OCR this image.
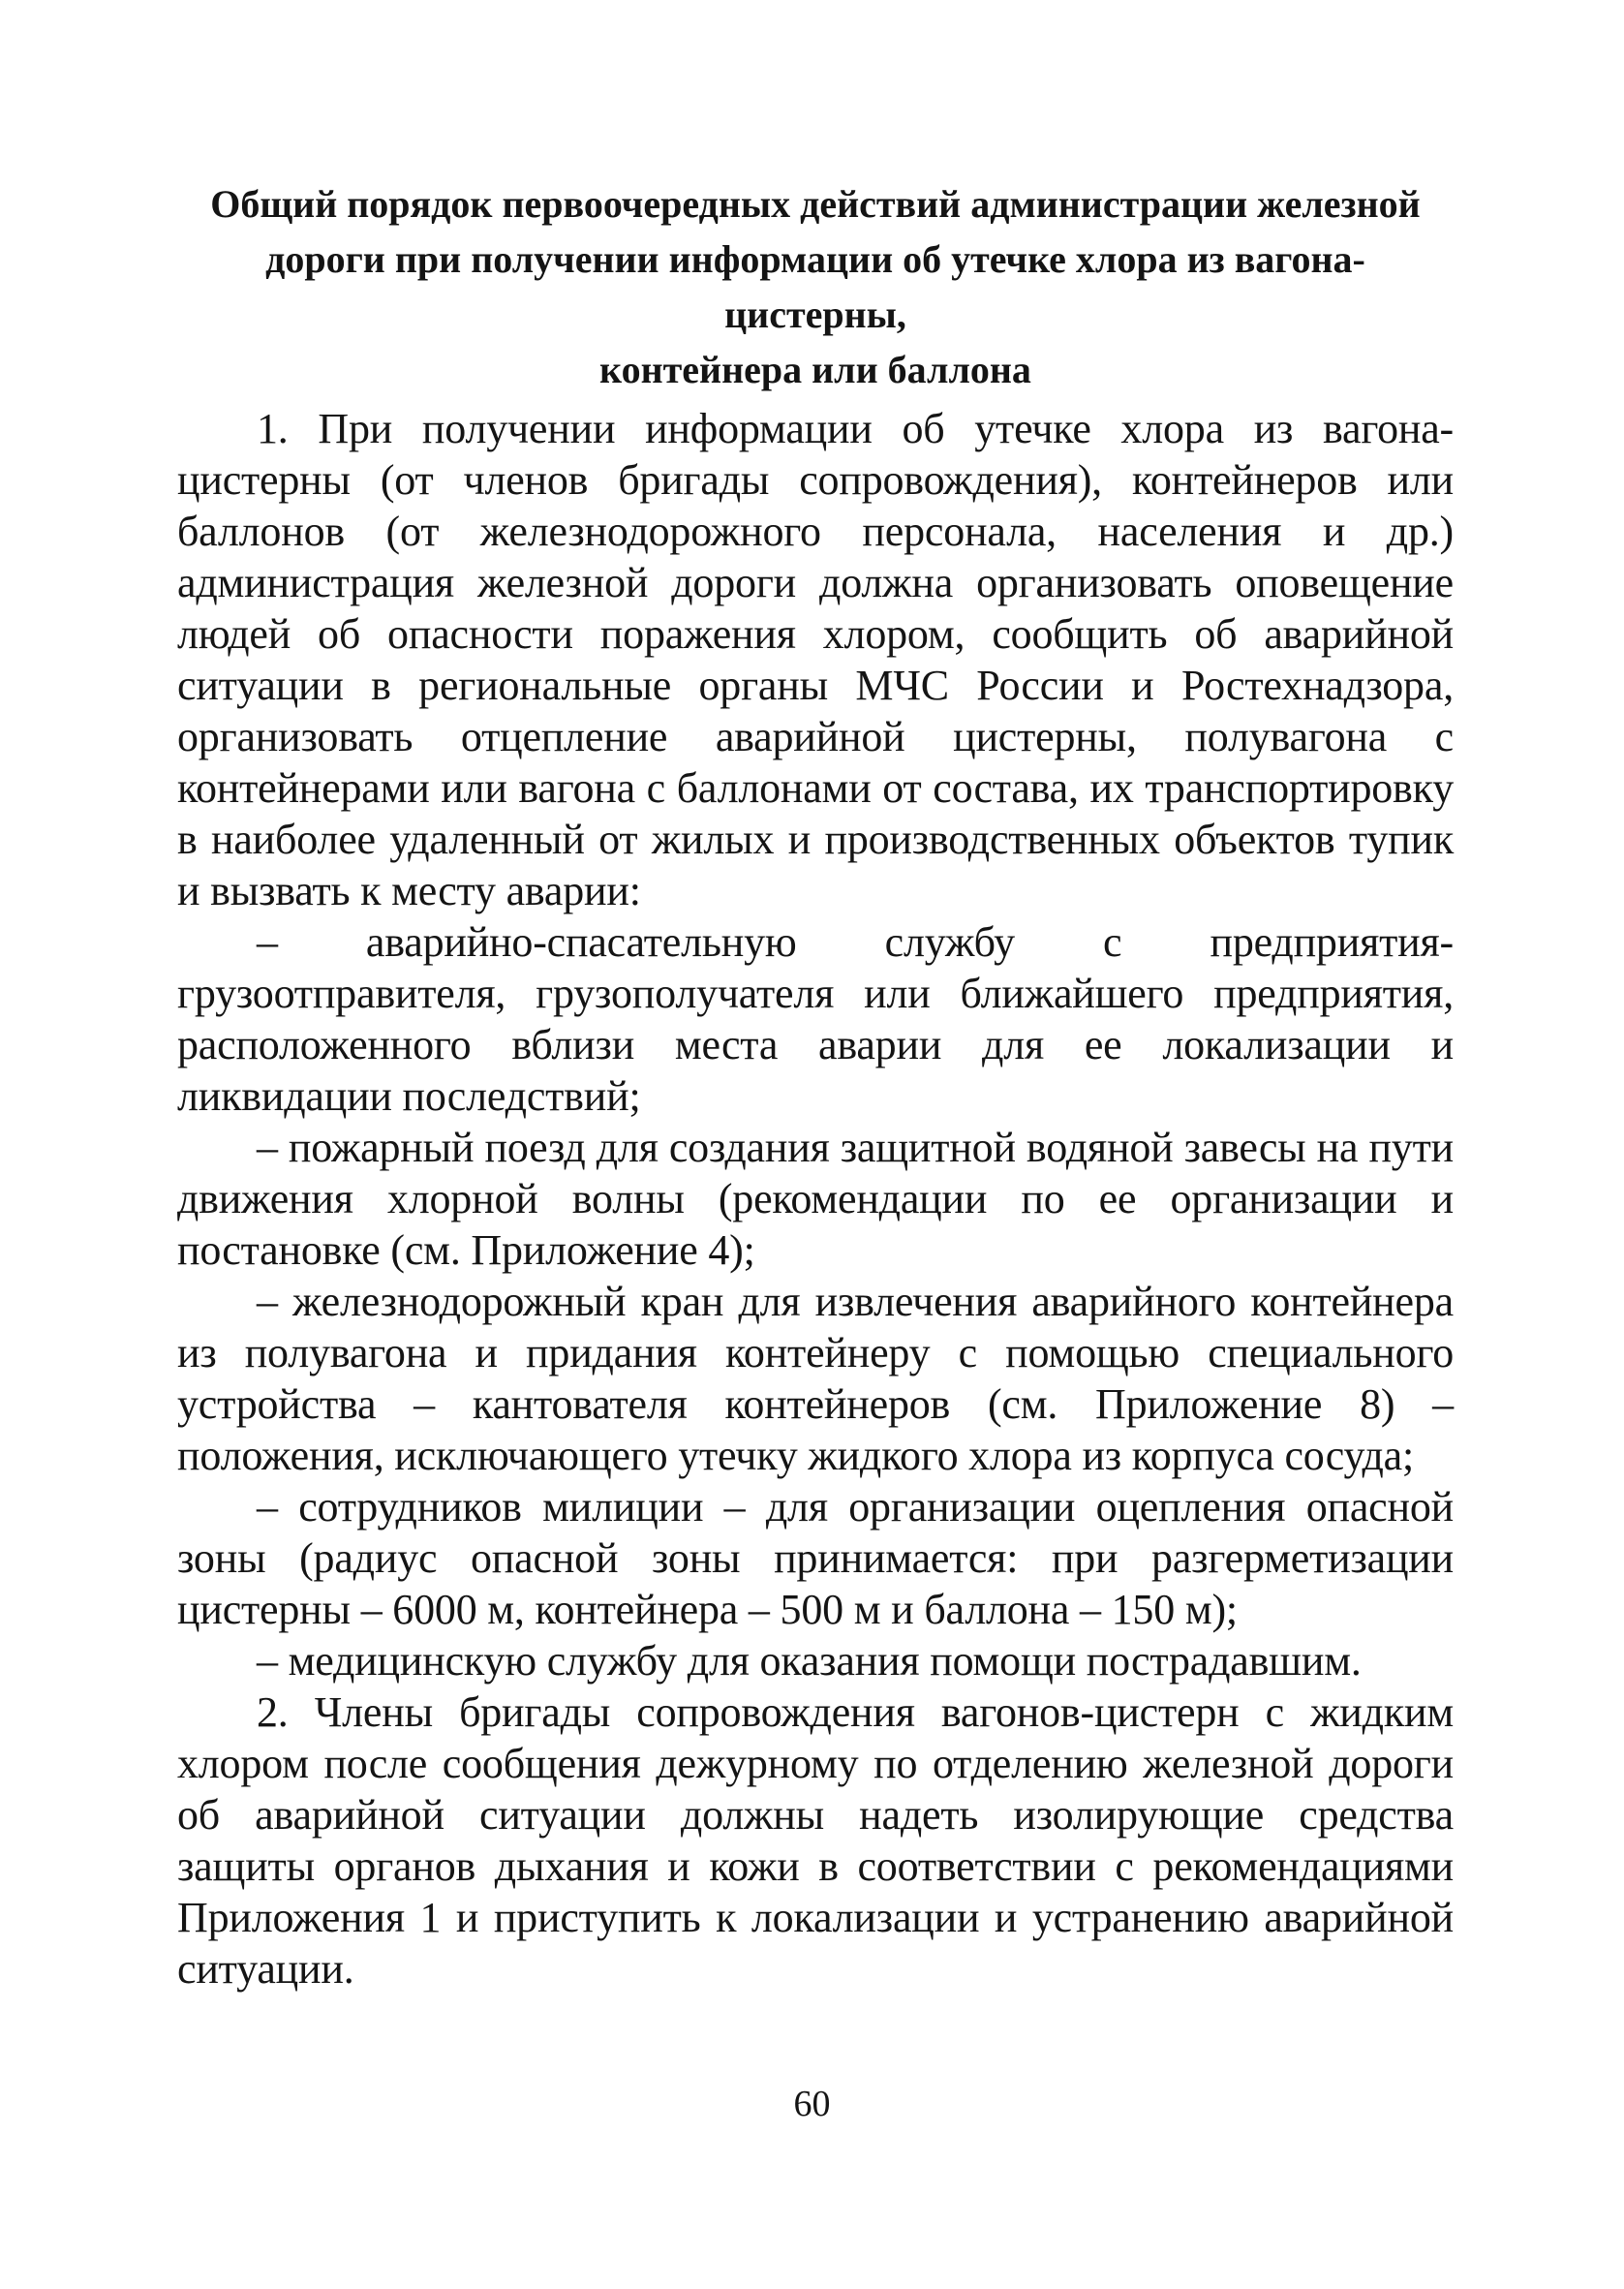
Общий порядок первоочередных действий администрации железной
дороги при получении информации об утечке хлора из вагона-цистерны,
контейнера или баллона

1. При получении информации об утечке хлора из вагона-цистерны (от членов бригады сопровождения), контейнеров или баллонов (от железнодорожного персонала, населения и др.) администрация железной дороги должна организовать оповещение людей об опасности поражения хлором, сообщить об аварийной ситуации в региональные органы МЧС России и Ростехнадзора, организовать отцепление аварийной цистерны, полувагона с контейнерами или вагона с баллонами от состава, их транспортировку в наиболее удаленный от жилых и производственных объектов тупик и вызвать к месту аварии:

– аварийно-спасательную службу с предприятия-грузоотправителя, грузополучателя или ближайшего предприятия, расположенного вблизи места аварии для ее локализации и ликвидации последствий;

– пожарный поезд для создания защитной водяной завесы на пути движения хлорной волны (рекомендации по ее организации и постановке (см. Приложение 4);

– железнодорожный кран для извлечения аварийного контейнера из полувагона и придания контейнеру с помощью специального устройства – кантователя контейнеров (см. Приложение 8) – положения, исключающего утечку жидкого хлора из корпуса сосуда;

– сотрудников милиции – для организации оцепления опасной зоны (радиус опасной зоны принимается: при разгерметизации цистерны – 6000 м, контейнера – 500 м и баллона – 150 м);

– медицинскую службу для оказания помощи пострадавшим.

2. Члены бригады сопровождения вагонов-цистерн с жидким хлором после сообщения дежурному по отделению железной дороги об аварийной ситуации должны надеть изолирующие средства защиты органов дыхания и кожи в соответствии с рекомендациями Приложения 1 и приступить к локализации и устранению аварийной ситуации.

60
